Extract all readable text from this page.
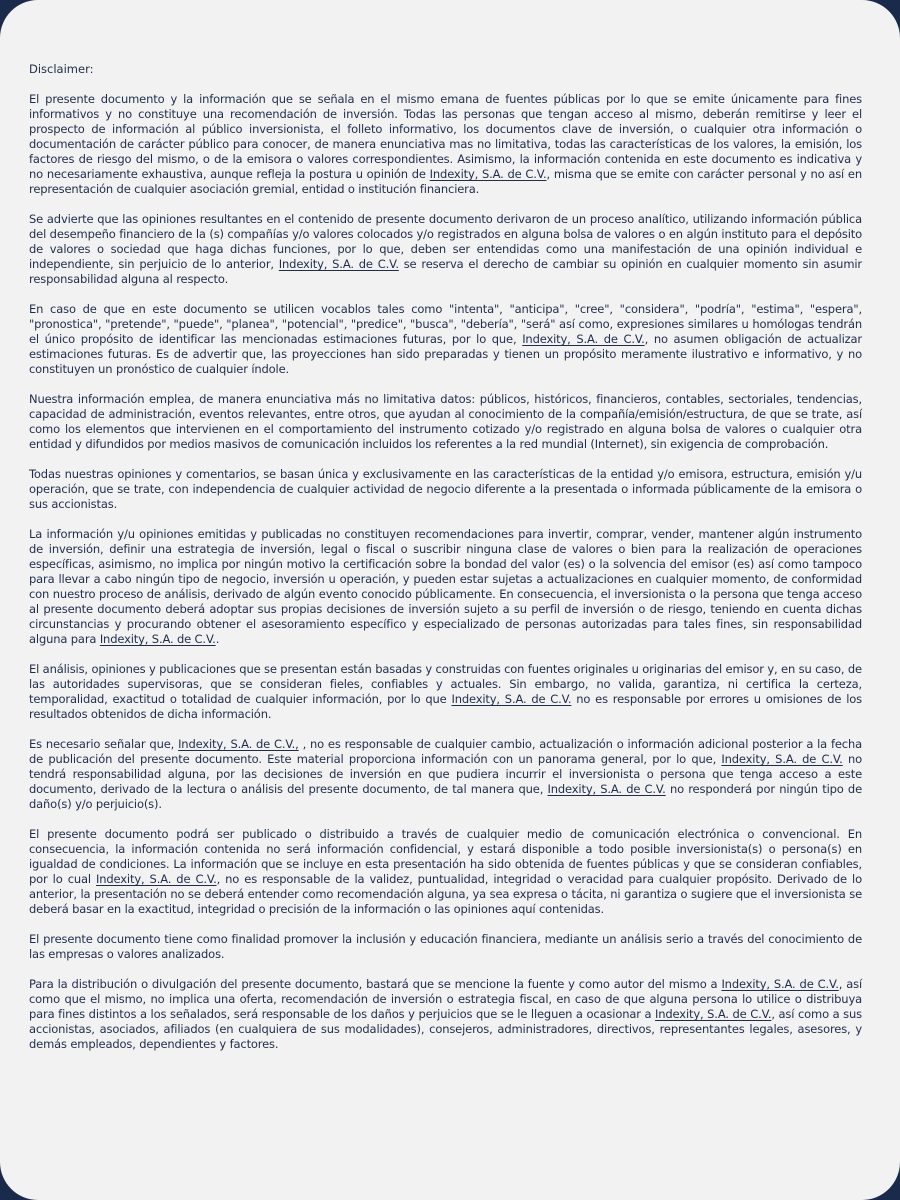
Disclaimer:

El presente documento y la información que se señala en el mismo emana de fuentes públicas por lo que se emite únicamente para fines informativos y no constituye una recomendación de inversión. Todas las personas que tengan acceso al mismo, deberán remitirse y leer el prospecto de información al público inversionista, el folleto informativo, los documentos clave de inversión, o cualquier otra información o documentación de carácter público para conocer, de manera enunciativa mas no limitativa, todas las características de los valores, la emisión, los factores de riesgo del mismo, o de la emisora o valores correspondientes. Asimismo, la información contenida en este documento es indicativa y no necesariamente exhaustiva, aunque refleja la postura u opinión de Indexity, S.A. de C.V., misma que se emite con carácter personal y no así en representación de cualquier asociación gremial, entidad o institución financiera.

Se advierte que las opiniones resultantes en el contenido de presente documento derivaron de un proceso analítico, utilizando información pública del desempeño financiero de la (s) compañías y/o valores colocados y/o registrados en alguna bolsa de valores o en algún instituto para el depósito de valores o sociedad que haga dichas funciones, por lo que, deben ser entendidas como una manifestación de una opinión individual e independiente, sin perjuicio de lo anterior, Indexity, S.A. de C.V. se reserva el derecho de cambiar su opinión en cualquier momento sin asumir responsabilidad alguna al respecto.

En caso de que en este documento se utilicen vocablos tales como "intenta", "anticipa", "cree", "considera", "podría", "estima", "espera", "pronostica", "pretende", "puede", "planea", "potencial", "predice", "busca", "debería", "será" así como, expresiones similares u homólogas tendrán el único propósito de identificar las mencionadas estimaciones futuras, por lo que, Indexity, S.A. de C.V., no asumen obligación de actualizar estimaciones futuras. Es de advertir que, las proyecciones han sido preparadas y tienen un propósito meramente ilustrativo e informativo, y no constituyen un pronóstico de cualquier índole.

Nuestra información emplea, de manera enunciativa más no limitativa datos: públicos, históricos, financieros, contables, sectoriales, tendencias, capacidad de administración, eventos relevantes, entre otros, que ayudan al conocimiento de la compañía/emisión/estructura, de que se trate, así como los elementos que intervienen en el comportamiento del instrumento cotizado y/o registrado en alguna bolsa de valores o cualquier otra entidad y difundidos por medios masivos de comunicación incluidos los referentes a la red mundial (Internet), sin exigencia de comprobación.

Todas nuestras opiniones y comentarios, se basan única y exclusivamente en las características de la entidad y/o emisora, estructura, emisión y/u operación, que se trate, con independencia de cualquier actividad de negocio diferente a la presentada o informada públicamente de la emisora o sus accionistas.

La información y/u opiniones emitidas y publicadas no constituyen recomendaciones para invertir, comprar, vender, mantener algún instrumento de inversión, definir una estrategia de inversión, legal o fiscal o suscribir ninguna clase de valores o bien para la realización de operaciones específicas, asimismo, no implica por ningún motivo la certificación sobre la bondad del valor (es) o la solvencia del emisor (es) así como tampoco para llevar a cabo ningún tipo de negocio, inversión u operación, y pueden estar sujetas a actualizaciones en cualquier momento, de conformidad con nuestro proceso de análisis, derivado de algún evento conocido públicamente. En consecuencia, el inversionista o la persona que tenga acceso al presente documento deberá adoptar sus propias decisiones de inversión sujeto a su perfil de inversión o de riesgo, teniendo en cuenta dichas circunstancias y procurando obtener el asesoramiento específico y especializado de personas autorizadas para tales fines, sin responsabilidad alguna para Indexity, S.A. de C.V..

El análisis, opiniones y publicaciones que se presentan están basadas y construidas con fuentes originales u originarias del emisor y, en su caso, de las autoridades supervisoras, que se consideran fieles, confiables y actuales. Sin embargo, no valida, garantiza, ni certifica la certeza, temporalidad, exactitud o totalidad de cualquier información, por lo que Indexity, S.A. de C.V. no es responsable por errores u omisiones de los resultados obtenidos de dicha información.

Es necesario señalar que, Indexity, S.A. de C.V., , no es responsable de cualquier cambio, actualización o información adicional posterior a la fecha de publicación del presente documento. Este material proporciona información con un panorama general, por lo que, Indexity, S.A. de C.V. no tendrá responsabilidad alguna, por las decisiones de inversión en que pudiera incurrir el inversionista o persona que tenga acceso a este documento, derivado de la lectura o análisis del presente documento, de tal manera que, Indexity, S.A. de C.V. no responderá por ningún tipo de daño(s) y/o perjuicio(s).

El presente documento podrá ser publicado o distribuido a través de cualquier medio de comunicación electrónica o convencional. En consecuencia, la información contenida no será información confidencial, y estará disponible a todo posible inversionista(s) o persona(s) en igualdad de condiciones. La información que se incluye en esta presentación ha sido obtenida de fuentes públicas y que se consideran confiables, por lo cual Indexity, S.A. de C.V., no es responsable de la validez, puntualidad, integridad o veracidad para cualquier propósito. Derivado de lo anterior, la presentación no se deberá entender como recomendación alguna, ya sea expresa o tácita, ni garantiza o sugiere que el inversionista se deberá basar en la exactitud, integridad o precisión de la información o las opiniones aquí contenidas.

El presente documento tiene como finalidad promover la inclusión y educación financiera, mediante un análisis serio a través del conocimiento de las empresas o valores analizados.

Para la distribución o divulgación del presente documento, bastará que se mencione la fuente y como autor del mismo a Indexity, S.A. de C.V., así como que el mismo, no implica una oferta, recomendación de inversión o estrategia fiscal, en caso de que alguna persona lo utilice o distribuya para fines distintos a los señalados, será responsable de los daños y perjuicios que se le lleguen a ocasionar a Indexity, S.A. de C.V., así como a sus accionistas, asociados, afiliados (en cualquiera de sus modalidades), consejeros, administradores, directivos, representantes legales, asesores, y demás empleados, dependientes y factores.
